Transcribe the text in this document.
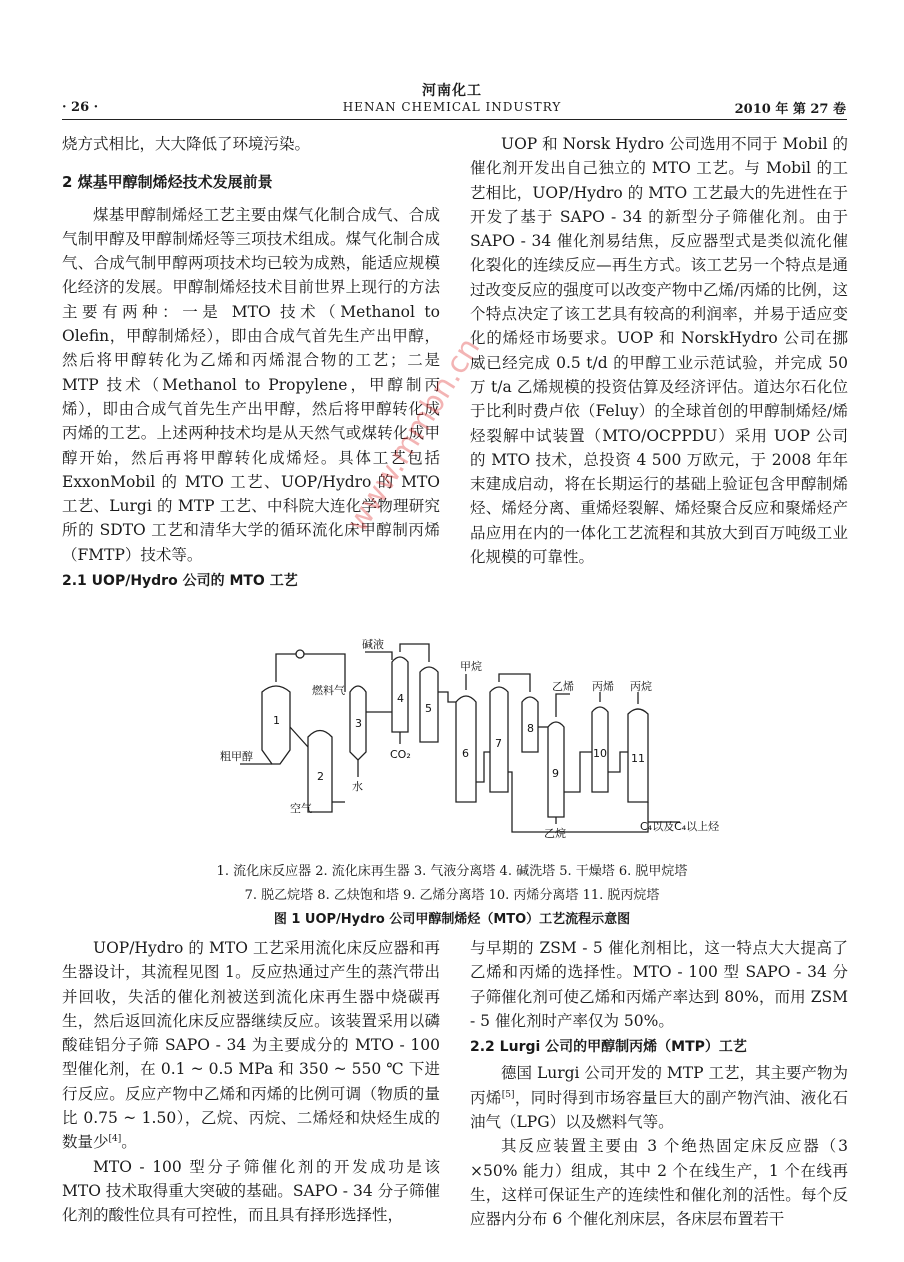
河南化工
· 26 ·	HENAN CHEMICAL INDUSTRY	2010 年 第 27 卷

烧方式相比，大大降低了环境污染。

2 煤基甲醇制烯烃技术发展前景

煤基甲醇制烯烃工艺主要由煤气化制合成气、合成气制甲醇及甲醇制烯烃等三项技术组成。煤气化制合成气、合成气制甲醇两项技术均已较为成熟，能适应规模化经济的发展。甲醇制烯烃技术目前世界上现行的方法主要有两种：一是 MTO 技术（Methanol to Olefin，甲醇制烯烃），即由合成气首先生产出甲醇，然后将甲醇转化为乙烯和丙烯混合物的工艺；二是 MTP 技术（Methanol to Propylene，甲醇制丙烯），即由合成气首先生产出甲醇，然后将甲醇转化成丙烯的工艺。上述两种技术均是从天然气或煤转化成甲醇开始，然后再将甲醇转化成烯烃。具体工艺包括 ExxonMobil 的 MTO 工艺、UOP/Hydro 的 MTO 工艺、Lurgi 的 MTP 工艺、中科院大连化学物理研究所的 SDTO 工艺和清华大学的循环流化床甲醇制丙烯（FMTP）技术等。

2.1 UOP/Hydro 公司的 MTO 工艺

UOP 和 Norsk Hydro 公司选用不同于 Mobil 的催化剂开发出自己独立的 MTO 工艺。与 Mobil 的工艺相比，UOP/Hydro 的 MTO 工艺最大的先进性在于开发了基于 SAPO - 34 的新型分子筛催化剂。由于 SAPO - 34 催化剂易结焦，反应器型式是类似流化催化裂化的连续反应—再生方式。该工艺另一个特点是通过改变反应的强度可以改变产物中乙烯/丙烯的比例，这个特点决定了该工艺具有较高的利润率，并易于适应变化的烯烃市场要求。UOP 和 NorskHydro 公司在挪威已经完成 0.5 t/d 的甲醇工业示范试验，并完成 50 万 t/a 乙烯规模的投资估算及经济评估。道达尔石化位于比利时费卢依（Feluy）的全球首创的甲醇制烯烃/烯烃裂解中试装置（MTO/OCPPDU）采用 UOP 公司的 MTO 技术，总投资 4 500 万欧元，于 2008 年年末建成启动，将在长期运行的基础上验证包含甲醇制烯烃、烯烃分离、重烯烃裂解、烯烃聚合反应和聚烯烃产品应用在内的一体化工艺流程和其放大到百万吨级工业化规模的可靠性。

1
2
3
4
5
6
7
8
9
10 11
粗甲醇
空气
燃料气
碱液
CO₂
水
甲烷
乙烯 丙烯 丙烷
乙烷
C₄以及C₄以上烃
1. 流化床反应器 2. 流化床再生器 3. 气液分离塔 4. 碱洗塔 5. 干燥塔 6. 脱甲烷塔
7. 脱乙烷塔 8. 乙炔饱和塔 9. 乙烯分离塔 10. 丙烯分离塔 11. 脱丙烷塔
图 1 UOP/Hydro 公司甲醇制烯烃（MTO）工艺流程示意图

UOP/Hydro 的 MTO 工艺采用流化床反应器和再生器设计，其流程见图 1。反应热通过产生的蒸汽带出并回收，失活的催化剂被送到流化床再生器中烧碳再生，然后返回流化床反应器继续反应。该装置采用以磷酸硅铝分子筛 SAPO - 34 为主要成分的 MTO - 100 型催化剂，在 0.1 ~ 0.5 MPa 和 350 ~ 550 ℃ 下进行反应。反应产物中乙烯和丙烯的比例可调（物质的量比 0.75 ~ 1.50），乙烷、丙烷、二烯烃和炔烃生成的数量少[4]。

MTO - 100 型分子筛催化剂的开发成功是该 MTO 技术取得重大突破的基础。SAPO - 34 分子筛催化剂的酸性位具有可控性，而且具有择形选择性，

与早期的 ZSM - 5 催化剂相比，这一特点大大提高了乙烯和丙烯的选择性。MTO - 100 型 SAPO - 34 分子筛催化剂可使乙烯和丙烯产率达到 80%，而用 ZSM - 5 催化剂时产率仅为 50%。

2.2 Lurgi 公司的甲醇制丙烯（MTP）工艺

德国 Lurgi 公司开发的 MTP 工艺，其主要产物为丙烯[5]，同时得到市场容量巨大的副产物汽油、液化石油气（LPG）以及燃料气等。

其反应装置主要由 3 个绝热固定床反应器（3 ×50% 能力）组成，其中 2 个在线生产，1 个在线再生，这样可保证生产的连续性和催化剂的活性。每个反应器内分布 6 个催化剂床层，各床层布置若干

www.mmbn.cn
